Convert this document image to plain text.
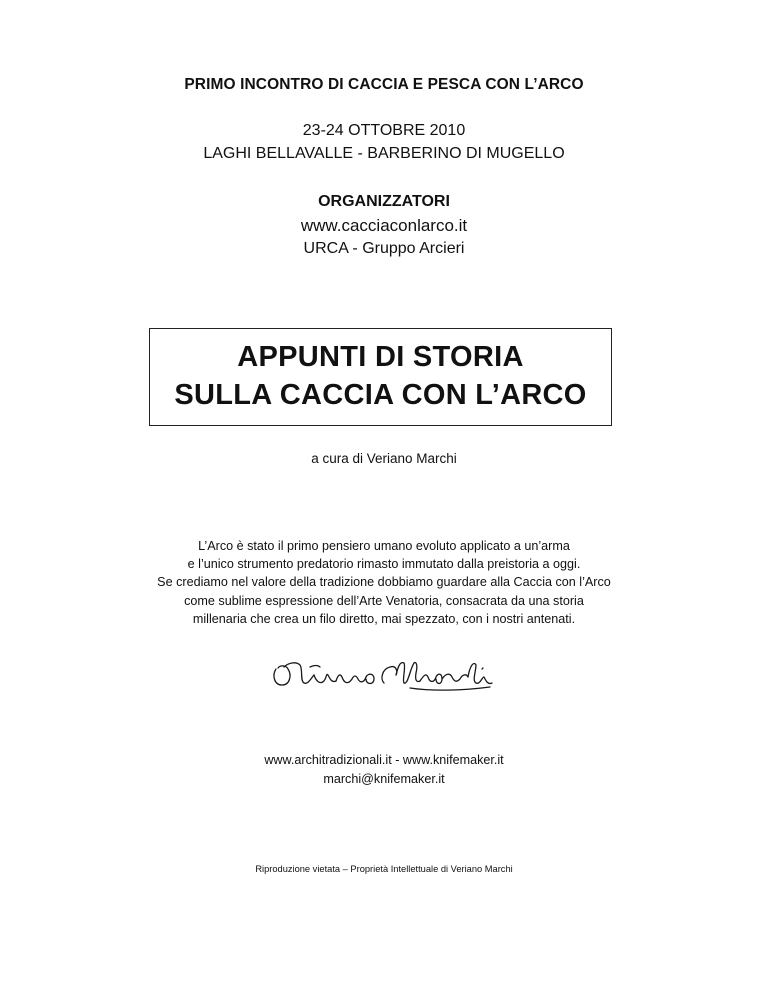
PRIMO INCONTRO DI CACCIA E PESCA CON L’ARCO
23-24 OTTOBRE 2010
LAGHI BELLAVALLE - BARBERINO DI MUGELLO
ORGANIZZATORI
www.cacciaconlarco.it
URCA - Gruppo Arcieri
APPUNTI DI STORIA
SULLA CACCIA CON L’ARCO
a cura di Veriano Marchi
L’Arco è stato il primo pensiero umano evoluto applicato a un’arma
e l’unico strumento predatorio rimasto immutato dalla preistoria a oggi.
Se crediamo nel valore della tradizione dobbiamo guardare alla Caccia con l’Arco
come sublime espressione dell’Arte Venatoria, consacrata da una storia
millenaria che crea un filo diretto, mai spezzato, con i nostri antenati.
www.architradizionali.it - www.knifemaker.it
marchi@knifemaker.it
Riproduzione vietata – Proprietà Intellettuale di Veriano Marchi
